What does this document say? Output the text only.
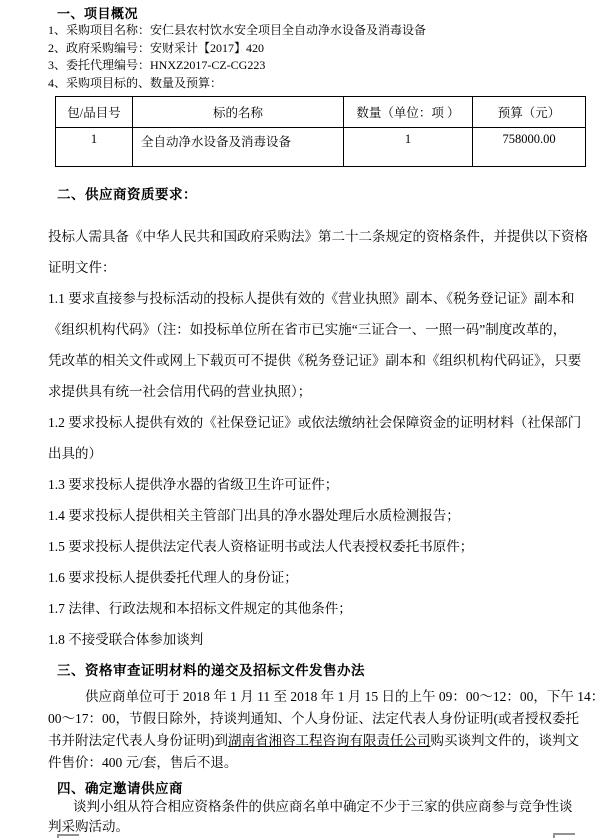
一、项目概况
1、采购项目名称：安仁县农村饮水安全项目全自动净水设备及消毒设备
2、政府采购编号：安财采计【2017】420
3、委托代理编号：HNXZ2017-CZ-CG223
4、采购项目标的、数量及预算：
包/品目号	标的名称	数量（单位：项 ）	预算（元）
1	全自动净水设备及消毒设备	1	758000.00
二、供应商资质要求：
投标人需具备《中华人民共和国政府采购法》第二十二条规定的资格条件，并提供以下资格
证明文件：
1.1 要求直接参与投标活动的投标人提供有效的《营业执照》副本、《税务登记证》副本和
《组织机构代码》（注：如投标单位所在省市已实施“三证合一、一照一码”制度改革的，
凭改革的相关文件或网上下载页可不提供《税务登记证》副本和《组织机构代码证》，只要
求提供具有统一社会信用代码的营业执照）；
1.2 要求投标人提供有效的《社保登记证》或依法缴纳社会保障资金的证明材料（社保部门
出具的）
1.3 要求投标人提供净水器的省级卫生许可证件；
1.4 要求投标人提供相关主管部门出具的净水器处理后水质检测报告；
1.5 要求投标人提供法定代表人资格证明书或法人代表授权委托书原件；
1.6 要求投标人提供委托代理人的身份证；
1.7 法律、行政法规和本招标文件规定的其他条件；
1.8 不接受联合体参加谈判
三、资格审查证明材料的递交及招标文件发售办法
供应商单位可于 2018 年 1 月 11 至 2018 年 1 月 15 日的上午 09：00～12：00，下午 14：
00～17：00，节假日除外，持谈判通知、个人身份证、法定代表人身份证明(或者授权委托
书并附法定代表人身份证明)到湖南省湘咨工程咨询有限责任公司购买谈判文件的，谈判文
件售价：400 元/套，售后不退。
四、确定邀请供应商
谈判小组从符合相应资格条件的供应商名单中确定不少于三家的供应商参与竞争性谈
判采购活动。
